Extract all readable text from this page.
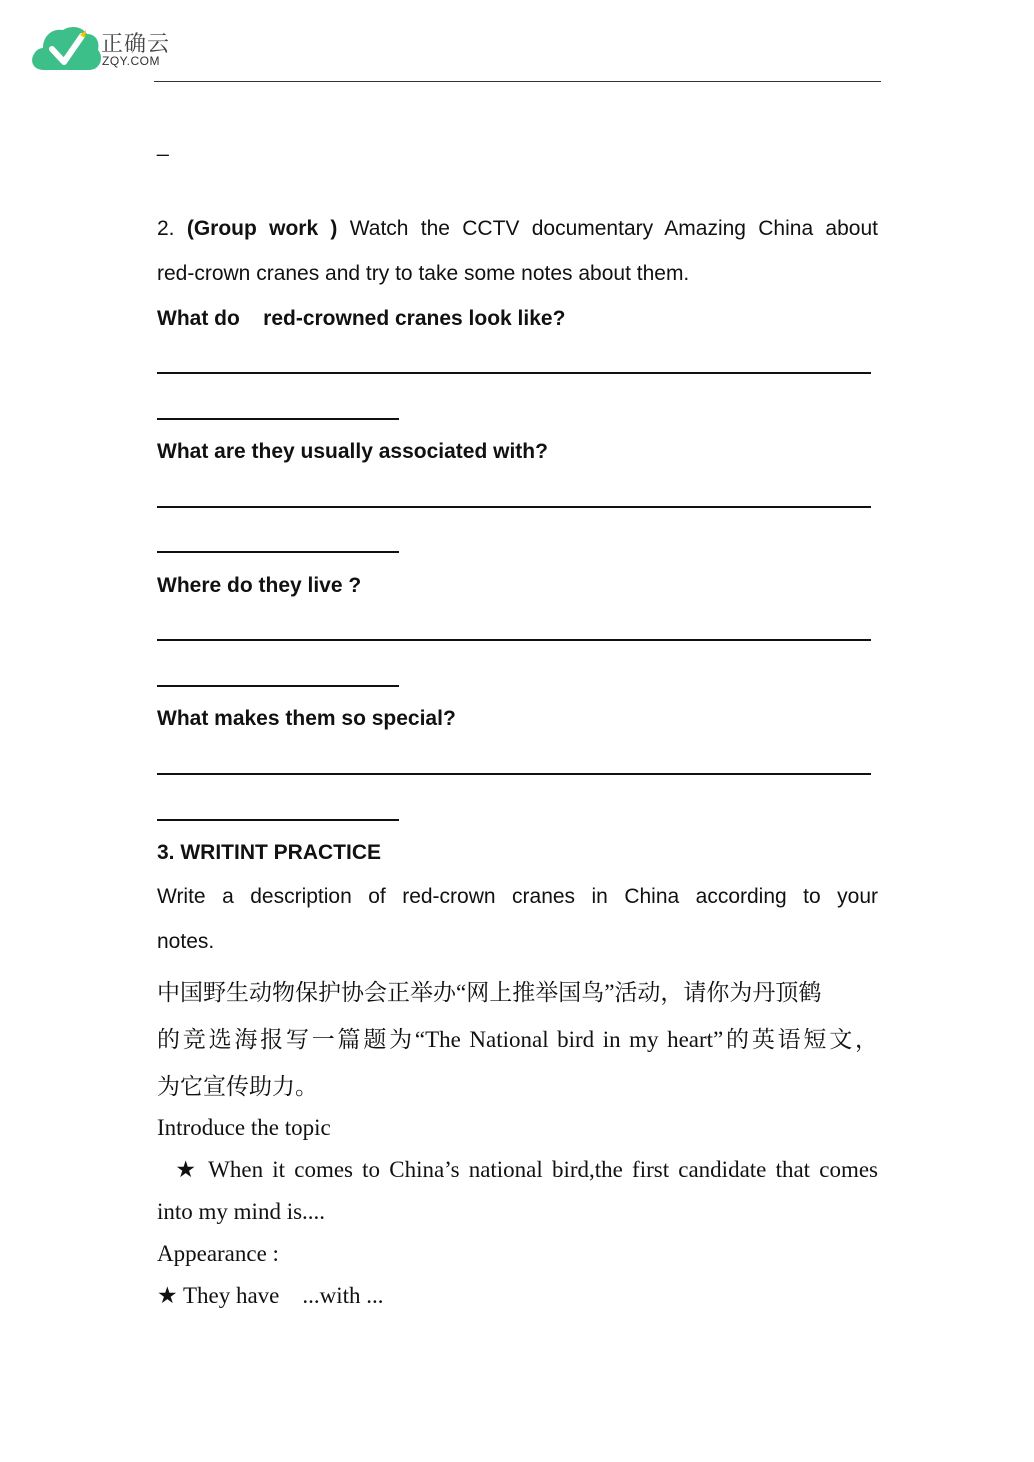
正确云
ZQY.COM
_
2. (Group work ) Watch the CCTV documentary Amazing China about
red-crown cranes and try to take some notes about them.
What do    red-crowned cranes look like?
What are they usually associated with?
Where do they live ?
What makes them so special?
3. WRITINT PRACTICE
Write a description of red-crown cranes in China according to your
notes.
中国野生动物保护协会正举办“网上推举国鸟”活动，请你为丹顶鹤
的竞选海报写一篇题为“The National bird in my heart”的英语短文，
为它宣传助力。
Introduce the topic
★ When it comes to China’s national bird,the first candidate that comes
into my mind is....
Appearance :
★ They have    ...with ...
